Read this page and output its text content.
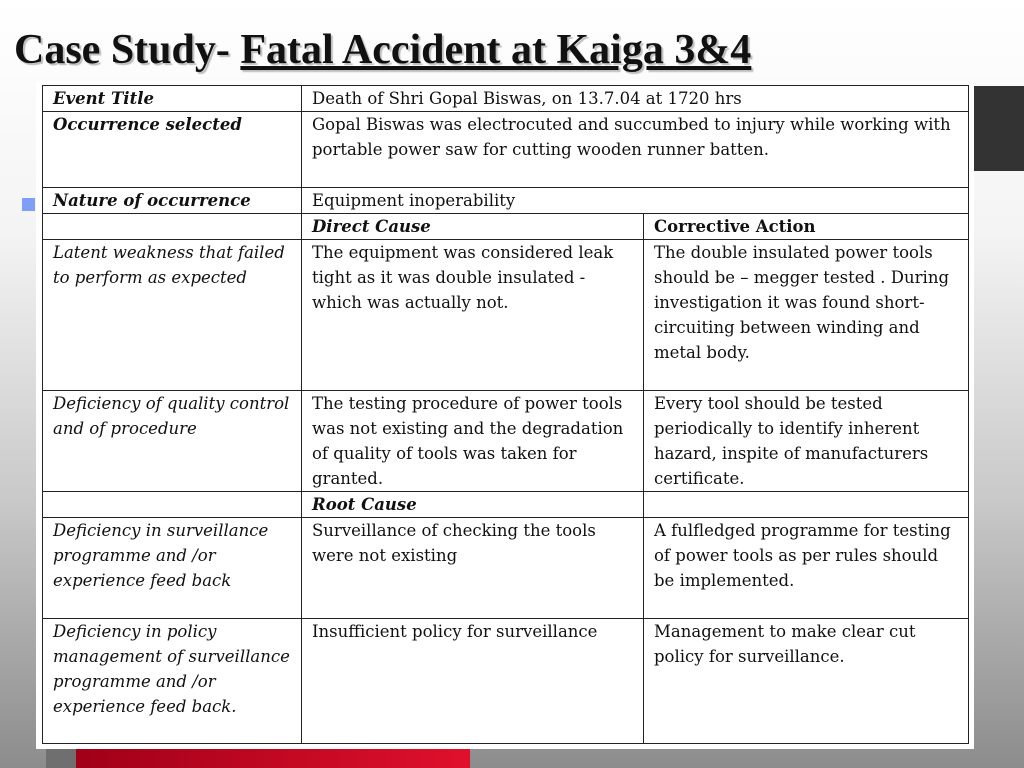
Case Study- Fatal Accident at Kaiga 3&4
Event Title	Death of Shri Gopal Biswas, on 13.7.04 at 1720 hrs	
Occurrence selected	Gopal Biswas was electrocuted and succumbed to injury while working with portable power saw for cutting wooden runner batten.	
Nature of occurrence	Equipment inoperability	
	Direct Cause	Corrective Action
Latent weakness that failed to perform as expected	The equipment was considered leak tight as it was double insulated -which was actually not.	The double insulated power tools should be – megger tested . During investigation it was found short-circuiting between winding and metal body.
Deficiency of quality control and of procedure	The testing procedure of power tools was not existing and the degradation of quality of tools was taken for granted.	Every tool should be tested periodically to identify inherent hazard, inspite of manufacturers certificate.
	Root Cause	
Deficiency in surveillance programme and /or experience feed back	Surveillance of checking the tools were not existing	A fulfledged programme for testing of power tools as per rules should be implemented.
Deficiency in policy management of surveillance programme and /or experience feed back.	Insufficient policy for surveillance	Management to make clear cut policy for surveillance.
